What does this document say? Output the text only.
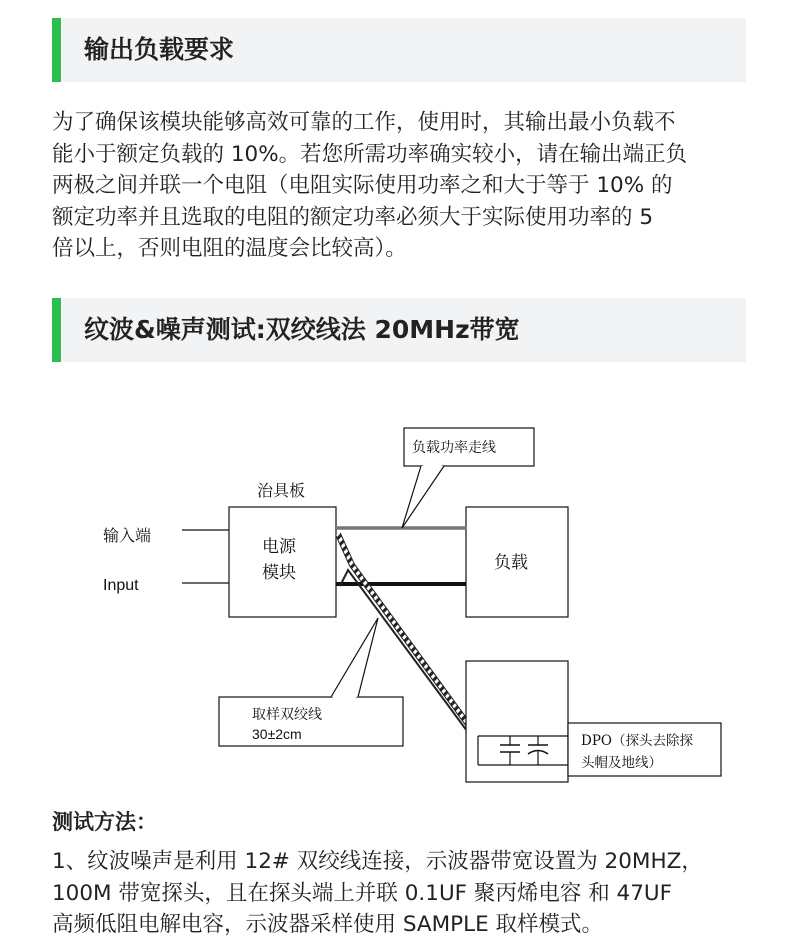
输出负载要求
为了确保该模块能够高效可靠的工作，使用时，其输出最小负载不
能小于额定负载的 10%。若您所需功率确实较小，请在输出端正负
两极之间并联一个电阻（电阻实际使用功率之和大于等于 10% 的
额定功率并且选取的电阻的额定功率必须大于实际使用功率的 5
倍以上，否则电阻的温度会比较高）。
纹波&噪声测试:双绞线法 20MHz带宽
治具板
输入端
Input
电源
模块	负载
负载功率走线
取样双绞线
30±2cm	DPO（探头去除探
头帽及地线）
测试方法：
1、纹波噪声是利用 12# 双绞线连接，示波器带宽设置为 20MHZ，
100M 带宽探头，且在探头端上并联 0.1UF 聚丙烯电容 和 47UF
高频低阻电解电容，示波器采样使用 SAMPLE 取样模式。
